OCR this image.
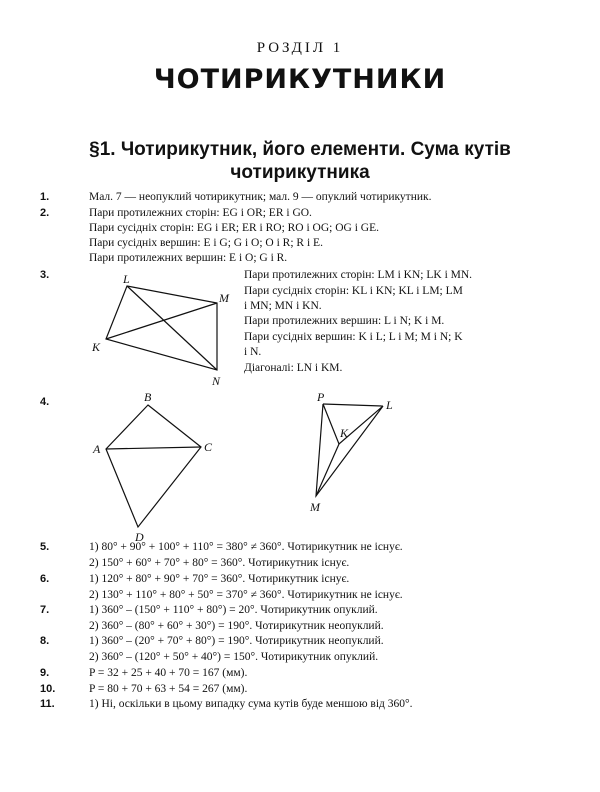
РОЗДІЛ 1
ЧОТИРИКУТНИКИ
§1. Чотирикутник, його елементи. Сума кутів чотирикутника
1.	Мал. 7 — неопуклий чотирикутник; мал. 9 — опуклий чотирикутник.
2.	Пари протилежних сторін: EG і OR; ER і GO.
Пари сусідніх сторін: EG і ER; ER і RO; RO і OG; OG і GE.
Пари сусідніх вершин: E і G; G і O; O і R; R і E.
Пари протилежних вершин: E і O; G і R.
3.	L
M
K
N
Пари протилежних сторін: LM і KN; LK і MN.
Пари сусідніх сторін: KL і KN; KL і LM; LM
і MN; MN і KN.
Пари протилежних вершин: L і N; K і M.
Пари сусідніх вершин: K і L; L і M; M і N; K
і N.
Діагоналі: LN і KM.
4.	B
A	C
D
P
L
K
M
5.	1) 80° + 90° + 100° + 110° = 380° ≠ 360°. Чотирикутник не існує.
2) 150° + 60° + 70° + 80° = 360°. Чотирикутник існує.
6.	1) 120° + 80° + 90° + 70° = 360°. Чотирикутник існує.
2) 130° + 110° + 80° + 50° = 370° ≠ 360°. Чотирикутник не існує.
7.	1) 360° – (150° + 110° + 80°) = 20°. Чотирикутник опуклий.
2) 360° – (80° + 60° + 30°) = 190°. Чотирикутник неопуклий.
8.	1) 360° – (20° + 70° + 80°) = 190°. Чотирикутник неопуклий.
2) 360° – (120° + 50° + 40°) = 150°. Чотирикутник опуклий.
9.	P = 32 + 25 + 40 + 70 = 167 (мм).
10.	P = 80 + 70 + 63 + 54 = 267 (мм).
11.	1) Ні, оскільки в цьому випадку сума кутів буде меншою від 360°.
